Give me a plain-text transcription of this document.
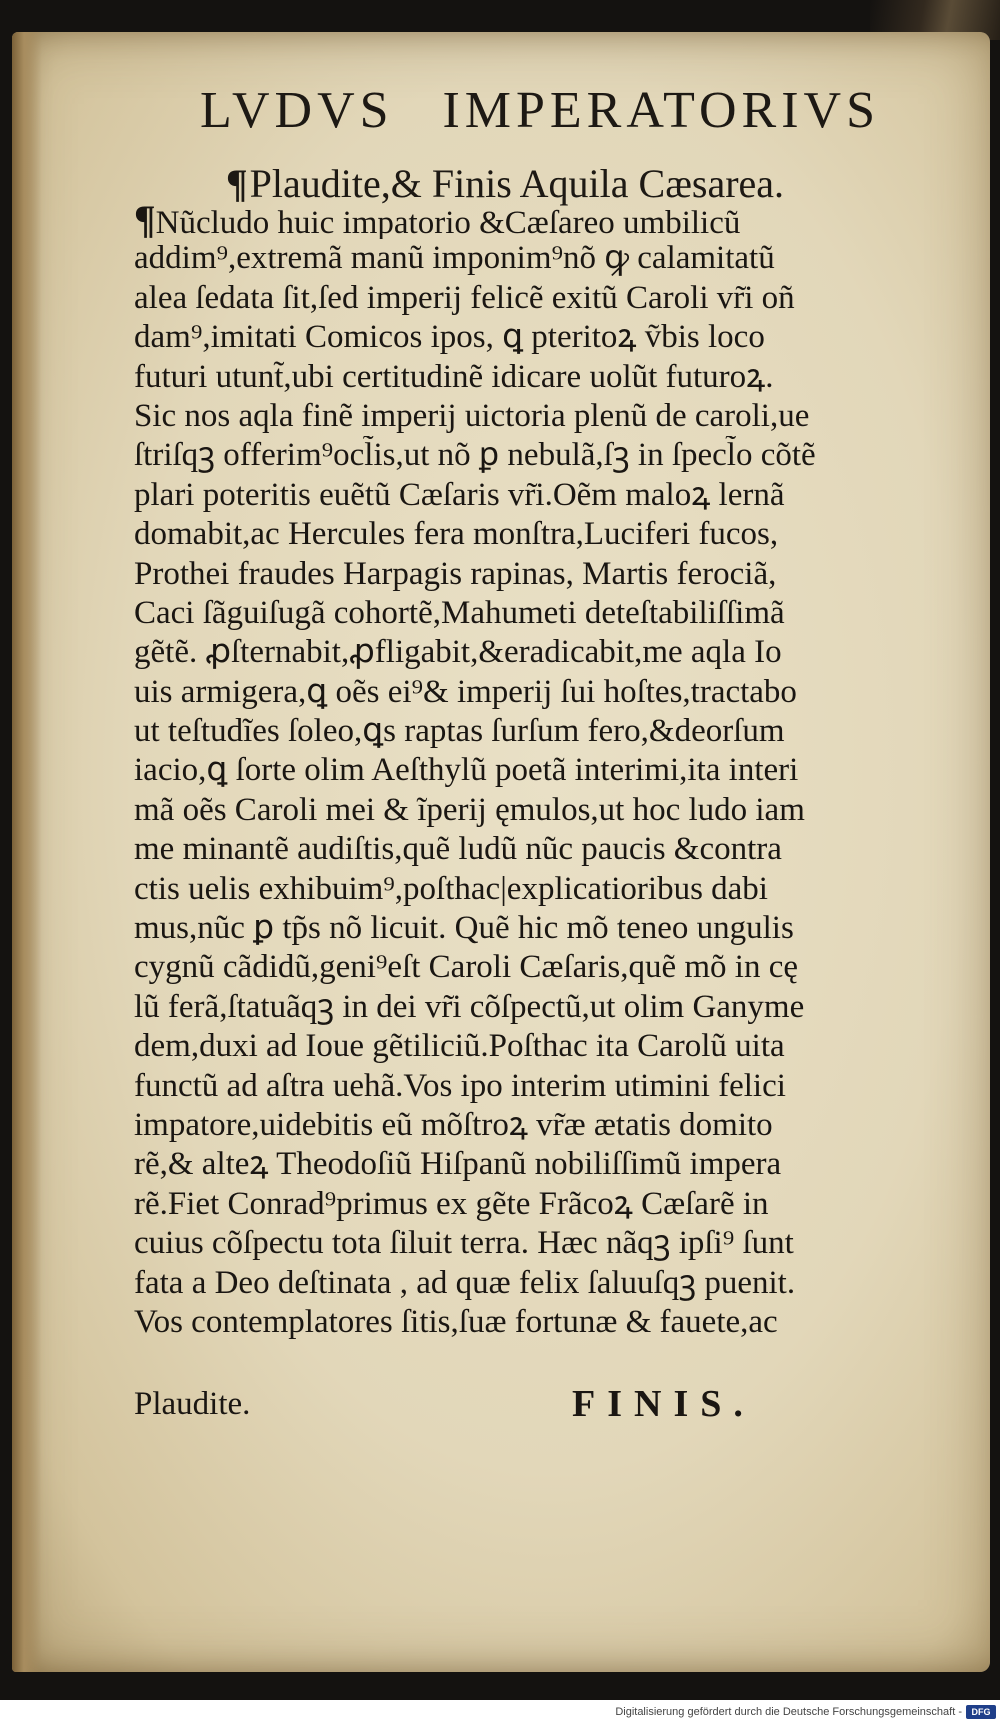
LVDVS IMPERATORIVS
¶Plaudite,& Finis Aquila Cæsarea.
¶Nũcludo huic impatorio &Cæſareo umbilicũ
addim⁹,extremã manũ imponim⁹nõ ꝙ calamitatũ
alea ſedata ſit,ſed imperij felicẽ exitũ Caroli vr̃i oñ
dam⁹,imitati Comicos ipos, ꝗ pteritoꝝ ṽbis loco
futuri utunt̃,ubi certitudinẽ idicare uolũt futuroꝝ.
Sic nos aqla finẽ imperij uictoria plenũ de caroli,ue
ſtriſqꝫ offerim⁹ocl̃is,ut nõ ꝑ nebulã,ſꝫ in ſpecl̃o cõtẽ
plari poteritis euẽtũ Cæſaris vr̃i.Oẽm maloꝝ lernã
domabit,ac Hercules fera monſtra,Luciferi fucos,
Prothei fraudes Harpagis rapinas, Martis ferociã,
Caci ſãguiſugã cohortẽ,Mahumeti deteſtabiliſſimã
gẽtẽ. ꝓſternabit,ꝓfligabit,&eradicabit,me aqla Io
uis armigera,ꝗ oẽs ei⁹& imperij ſui hoſtes,tractabo
ut teſtudĩes ſoleo,ꝗs raptas ſurſum fero,&deorſum
iacio,ꝗ ſorte olim Aeſthylũ poetã interimi,ita interi
mã oẽs Caroli mei & ĩperij ęmulos,ut hoc ludo iam
me minantẽ audiſtis,quẽ ludũ nũc paucis &contra
ctis uelis exhibuim⁹,poſthac|explicatioribus dabi
mus,nũc ꝑ tp̃s nõ licuit. Quẽ hic mõ teneo ungulis
cygnũ cãdidũ,geni⁹eſt Caroli Cæſaris,quẽ mõ in cę
lũ ferã,ſtatuãqꝫ in dei vr̃i cõſpectũ,ut olim Ganyme
dem,duxi ad Ioue gẽtiliciũ.Poſthac ita Carolũ uita
functũ ad aſtra uehã.Vos ipo interim utimini felici
impatore,uidebitis eũ mõſtroꝝ vr̃æ ætatis domito
rẽ,& alteꝝ Theodoſiũ Hiſpanũ nobiliſſimũ impera
rẽ.Fiet Conrad⁹primus ex gẽte Frãcoꝝ Cæſarẽ in
cuius cõſpectu tota ſiluit terra. Hæc nãqꝫ ipſi⁹ ſunt
fata a Deo deſtinata , ad quæ felix ſaluuſqꝫ puenit.
Vos contemplatores ſitis,ſuæ fortunæ & fauete,ac
Plaudite.	FINIS.
Digitalisierung gefördert durch die Deutsche Forschungsgemeinschaft -	DFG
